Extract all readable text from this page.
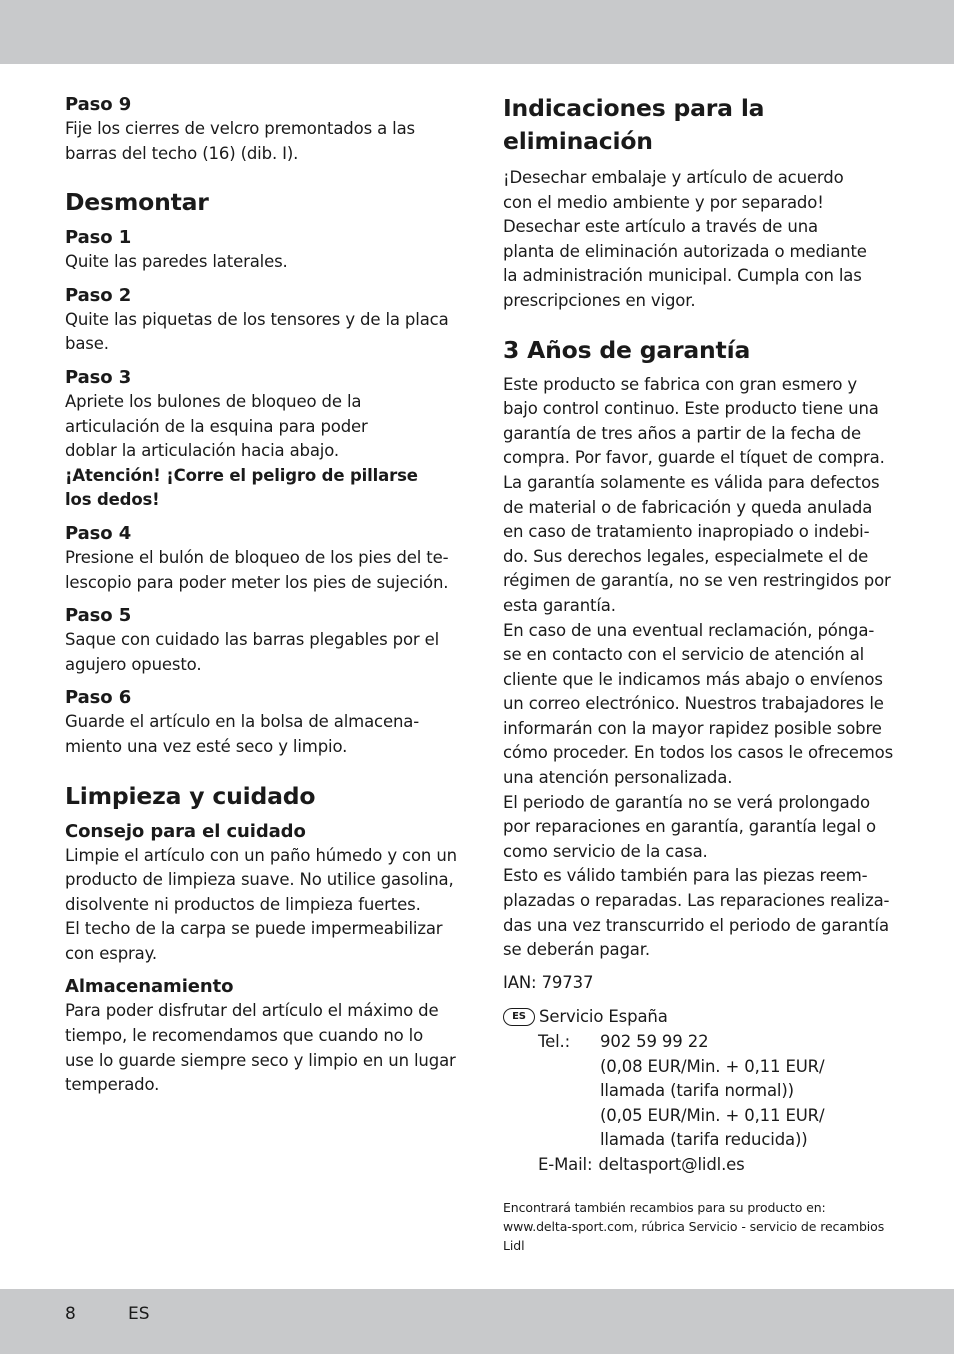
Paso 9

Fije los cierres de velcro premontados a las
barras del techo (16) (dib. I).

Desmontar
Paso 1

Quite las paredes laterales.

Paso 2

Quite las piquetas de los tensores y de la placa
base.

Paso 3

Apriete los bulones de bloqueo de la
articulación de la esquina para poder
doblar la articulación hacia abajo.

¡Atención! ¡Corre el peligro de pillarse
los dedos!

Paso 4

Presione el bulón de bloqueo de los pies del te-
lescopio para poder meter los pies de sujeción.

Paso 5

Saque con cuidado las barras plegables por el
agujero opuesto.

Paso 6

Guarde el artículo en la bolsa de almacena-
miento una vez esté seco y limpio.

Limpieza y cuidado
Consejo para el cuidado

Limpie el artículo con un paño húmedo y con un
producto de limpieza suave. No utilice gasolina,
disolvente ni productos de limpieza fuertes.
El techo de la carpa se puede impermeabilizar
con espray.

Almacenamiento

Para poder disfrutar del artículo el máximo de
tiempo, le recomendamos que cuando no lo
use lo guarde siempre seco y limpio en un lugar
temperado.

Indicaciones para la
eliminación

¡Desechar embalaje y artículo de acuerdo
con el medio ambiente y por separado!
Desechar este artículo a través de una
planta de eliminación autorizada o mediante
la administración municipal. Cumpla con las
prescripciones en vigor.

3 Años de garantía

Este producto se fabrica con gran esmero y
bajo control continuo. Este producto tiene una
garantía de tres años a partir de la fecha de
compra. Por favor, guarde el tíquet de compra.
La garantía solamente es válida para defectos
de material o de fabricación y queda anulada
en caso de tratamiento inapropiado o indebi-
do. Sus derechos legales, especialmete el de
régimen de garantía, no se ven restringidos por
esta garantía.
En caso de una eventual reclamación, pónga-
se en contacto con el servicio de atención al
cliente que le indicamos más abajo o envíenos
un correo electrónico. Nuestros trabajadores le
informarán con la mayor rapidez posible sobre
cómo proceder. En todos los casos le ofrecemos
una atención personalizada.
El periodo de garantía no se verá prolongado
por reparaciones en garantía, garantía legal o
como servicio de la casa.
Esto es válido también para las piezas reem-
plazadas o reparadas. Las reparaciones realiza-
das una vez transcurrido el periodo de garantía
se deberán pagar.

IAN: 79737

ES Servicio España
Tel.:	902 59 99 22
(0,08 EUR/Min. + 0,11 EUR/
llamada (tarifa normal))
(0,05 EUR/Min. + 0,11 EUR/
llamada (tarifa reducida))
E-Mail: deltasport@lidl.es

Encontrará también recambios para su producto en:
www.delta-sport.com, rúbrica Servicio - servicio de recambios
Lidl

8	ES
